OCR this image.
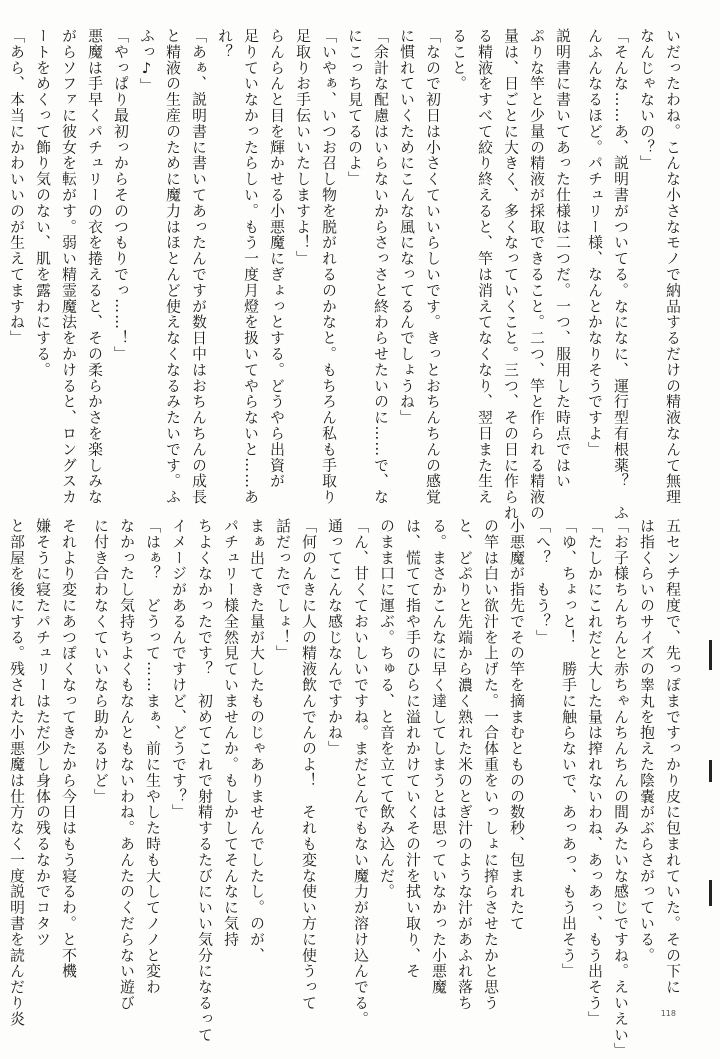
いだったわね。こんな小さなモノで納品するだけの精液なんて無理
なんじゃないの？」
「そんな……あ、説明書がついてる。なになに、運行型有根薬？　ふ
んふんなるほど。パチュリー様、なんとかなりそうですよ」
説明書に書いてあった仕様は二つだ。一つ、服用した時点ではい
ぷりな竿と少量の精液が採取できること。二つ、竿と作られる精液の
量は、日ごとに大きく、多くなっていくこと。三つ、その日に作られ
る精液をすべて絞り終えると、竿は消えてなくなり、翌日また生え
ること。
「なので初日は小さくていいらしいです。きっとおちんちんの感覚
に慣れていくためにこんな風になってるんでしょうね」
「余計な配慮はいらないからさっさと終わらせたいのに……で、な
にこっち見てるのよ」
「いやぁ、いつお召し物を脱がれるのかなと。もちろん私も手取り
足取りお手伝いいたしますよ！」
らんらんと目を輝かせる小悪魔にぎょっとする。どうやら出資が
足りていなかったらしい。もう一度月燈を扱いてやらないと……あ
れ？
「あぁ、説明書に書いてあったんですが数日中はおちんちんの成長
と精液の生産のために魔力はほとんど使えなくなるみたいです。ふ
ふっ♪」
「やっぱり最初っからそのつもりでっ……！」
悪魔は手早くパチュリーの衣を捲えると、その柔らかさを楽しみな
がらソファに彼女を転がす。弱い精霊魔法をかけると、ロングスカ
ートをめくって飾り気のない、肌を露わにする。
「あら、本当にかわいいのが生えてますね」
五センチ程度で、先っぽまですっかり皮に包まれていた。その下に
は指くらいのサイズの睾丸を抱えた陰嚢がぶらさがっている。
「お子様ちんちんと赤ちゃんちんちんの間みたいな感じですね。えいえい」
「たしかにこれだと大した量は搾れないわね、あっあっ、もう出そう」
「ゆ、ちょっと！　勝手に触らないで、あっあっ、もう出そう」
「へ？　もう？」
小悪魔が指先でその竿を摘まむとものの数秒、包まれたて
の竿は白い欲汁を上げた。一合体重をいっしょに搾らさせたかと思う
と、どぷりと先端から濃く熟れた米のとぎ汁のような汁があふれ落ち
る。まさかこんなに早く達してしまうとは思っていなかった小悪魔
は、慌てて指や手のひらに溢れかけていくその汁を拭い取り、そ
のまま口に運ぶ。ちゅる、と音を立てて飲み込んだ。
「ん、甘くておいしいですね。まだとんでもない魔力が溶け込んでる。
通ってこんな感じなんですかね」
「何のんきに人の精液飲んでんのよ！　それも変な使い方に使うって
話だったでしょ！」
まぁ出てきた量が大したものじゃありませんでしたし。のが、
パチュリー様全然見ていませんか。もしかしてそんなに気持
ちよくなかったです？　初めてこれで射精するたびにいい気分になるって
イメージがあるんですけど、どうです？」
「はぁ？　どうって……まぁ、前に生やした時も大してノノと変わ
なかったし気持ちよくもなんともないわね。あんたのくだらない遊び
に付き合わなくていいなら助かるけど」
それより変にあつぽくなってきたから今日はもう寝るわ。と不機
嫌そうに寝たパチュリーはただ少し身体の残るなかでコタツ
と部屋を後にする。残された小悪魔は仕方なく一度説明書を読んだり炎	118
